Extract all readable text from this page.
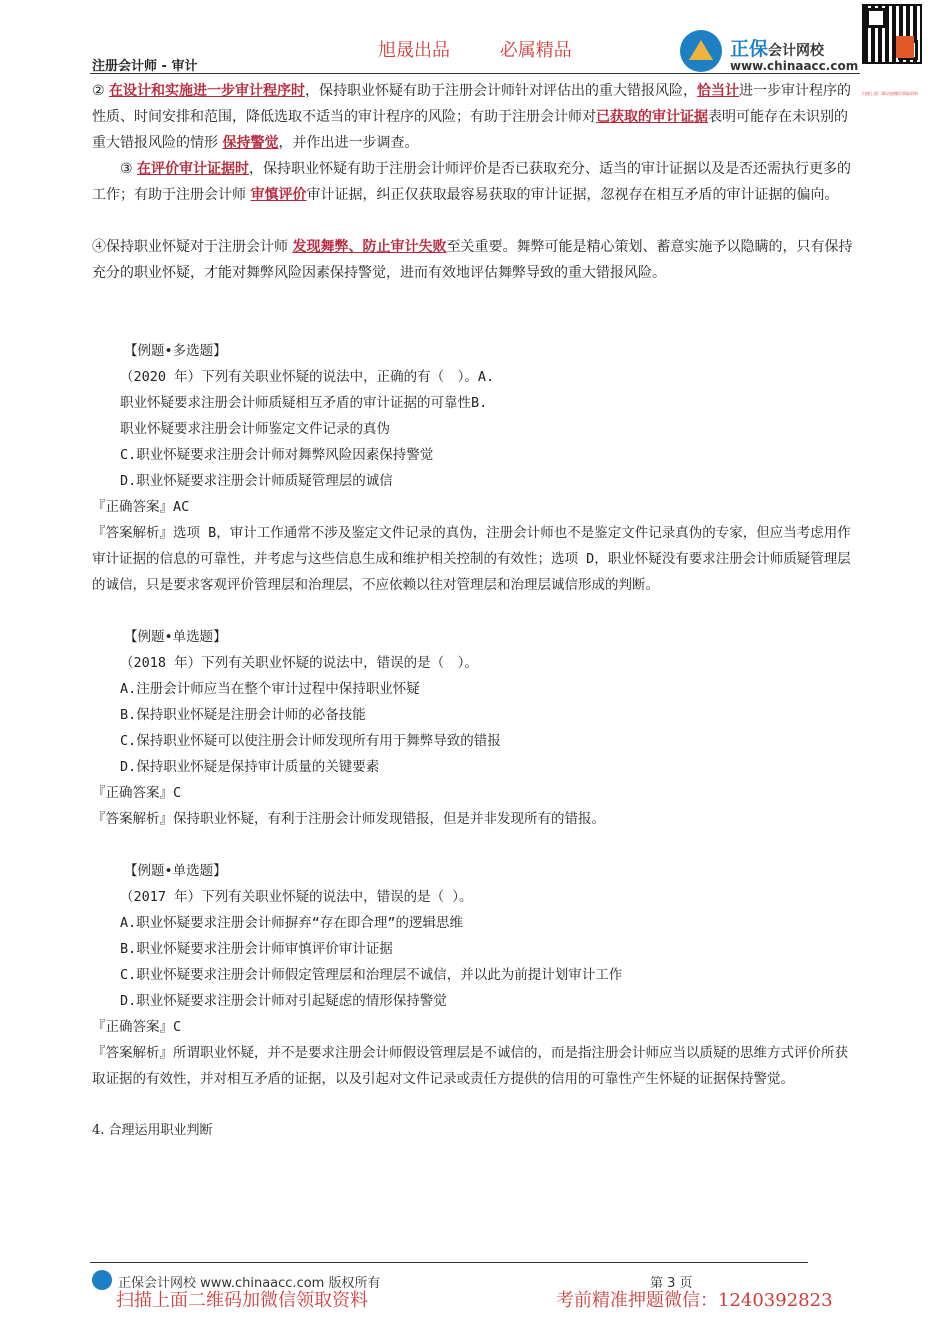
旭晟出品	必属精品
注册会计师 - 审计
正保会计网校
www.chinaacc.com
扫描上面二维码加微信领取资料

② 在设计和实施进一步审计程序时，保持职业怀疑有助于注册会计师针对评估出的重大错报风险，恰当计进一步审计程序的性质、时间安排和范围，降低选取不适当的审计程序的风险；有助于注册会计师对已获取的审计证据表明可能存在未识别的重大错报风险的情形 保持警觉，并作出进一步调查。

③ 在评价审计证据时，保持职业怀疑有助于注册会计师评价是否已获取充分、适当的审计证据以及是否还需执行更多的工作；有助于注册会计师 审慎评价审计证据，纠正仅获取最容易获取的审计证据，忽视存在相互矛盾的审计证据的偏向。

④保持职业怀疑对于注册会计师 发现舞弊、防止审计失败至关重要。舞弊可能是精心策划、蓄意实施予以隐瞒的，只有保持充分的职业怀疑，才能对舞弊风险因素保持警觉，进而有效地评估舞弊导致的重大错报风险。

【例题•多选题】
（2020 年）下列有关职业怀疑的说法中，正确的有（　）。A.
职业怀疑要求注册会计师质疑相互矛盾的审计证据的可靠性B.
职业怀疑要求注册会计师鉴定文件记录的真伪
C.职业怀疑要求注册会计师对舞弊风险因素保持警觉
D.职业怀疑要求注册会计师质疑管理层的诚信
『正确答案』AC
『答案解析』选项 B，审计工作通常不涉及鉴定文件记录的真伪，注册会计师也不是鉴定文件记录真伪的专家，但应当考虑用作审计证据的信息的可靠性，并考虑与这些信息生成和维护相关控制的有效性；选项 D，职业怀疑没有要求注册会计师质疑管理层的诚信，只是要求客观评价管理层和治理层，不应依赖以往对管理层和治理层诚信形成的判断。
【例题•单选题】
（2018 年）下列有关职业怀疑的说法中，错误的是（　）。
A.注册会计师应当在整个审计过程中保持职业怀疑
B.保持职业怀疑是注册会计师的必备技能
C.保持职业怀疑可以使注册会计师发现所有用于舞弊导致的错报
D.保持职业怀疑是保持审计质量的关键要素
『正确答案』C
『答案解析』保持职业怀疑，有利于注册会计师发现错报，但是并非发现所有的错报。
【例题•单选题】
（2017 年）下列有关职业怀疑的说法中，错误的是（ ）。
A.职业怀疑要求注册会计师摒弃“存在即合理”的逻辑思维
B.职业怀疑要求注册会计师审慎评价审计证据
C.职业怀疑要求注册会计师假定管理层和治理层不诚信，并以此为前提计划审计工作
D.职业怀疑要求注册会计师对引起疑虑的情形保持警觉
『正确答案』C
『答案解析』所谓职业怀疑，并不是要求注册会计师假设管理层是不诚信的，而是指注册会计师应当以质疑的思维方式评价所获取证据的有效性，并对相互矛盾的证据，以及引起对文件记录或责任方提供的信用的可靠性产生怀疑的证据保持警觉。

4. 合理运用职业判断

正保会计网校 www.chinaacc.com 版权所有	第 3 页
扫描上面二维码加微信领取资料	考前精准押题微信：1240392823
